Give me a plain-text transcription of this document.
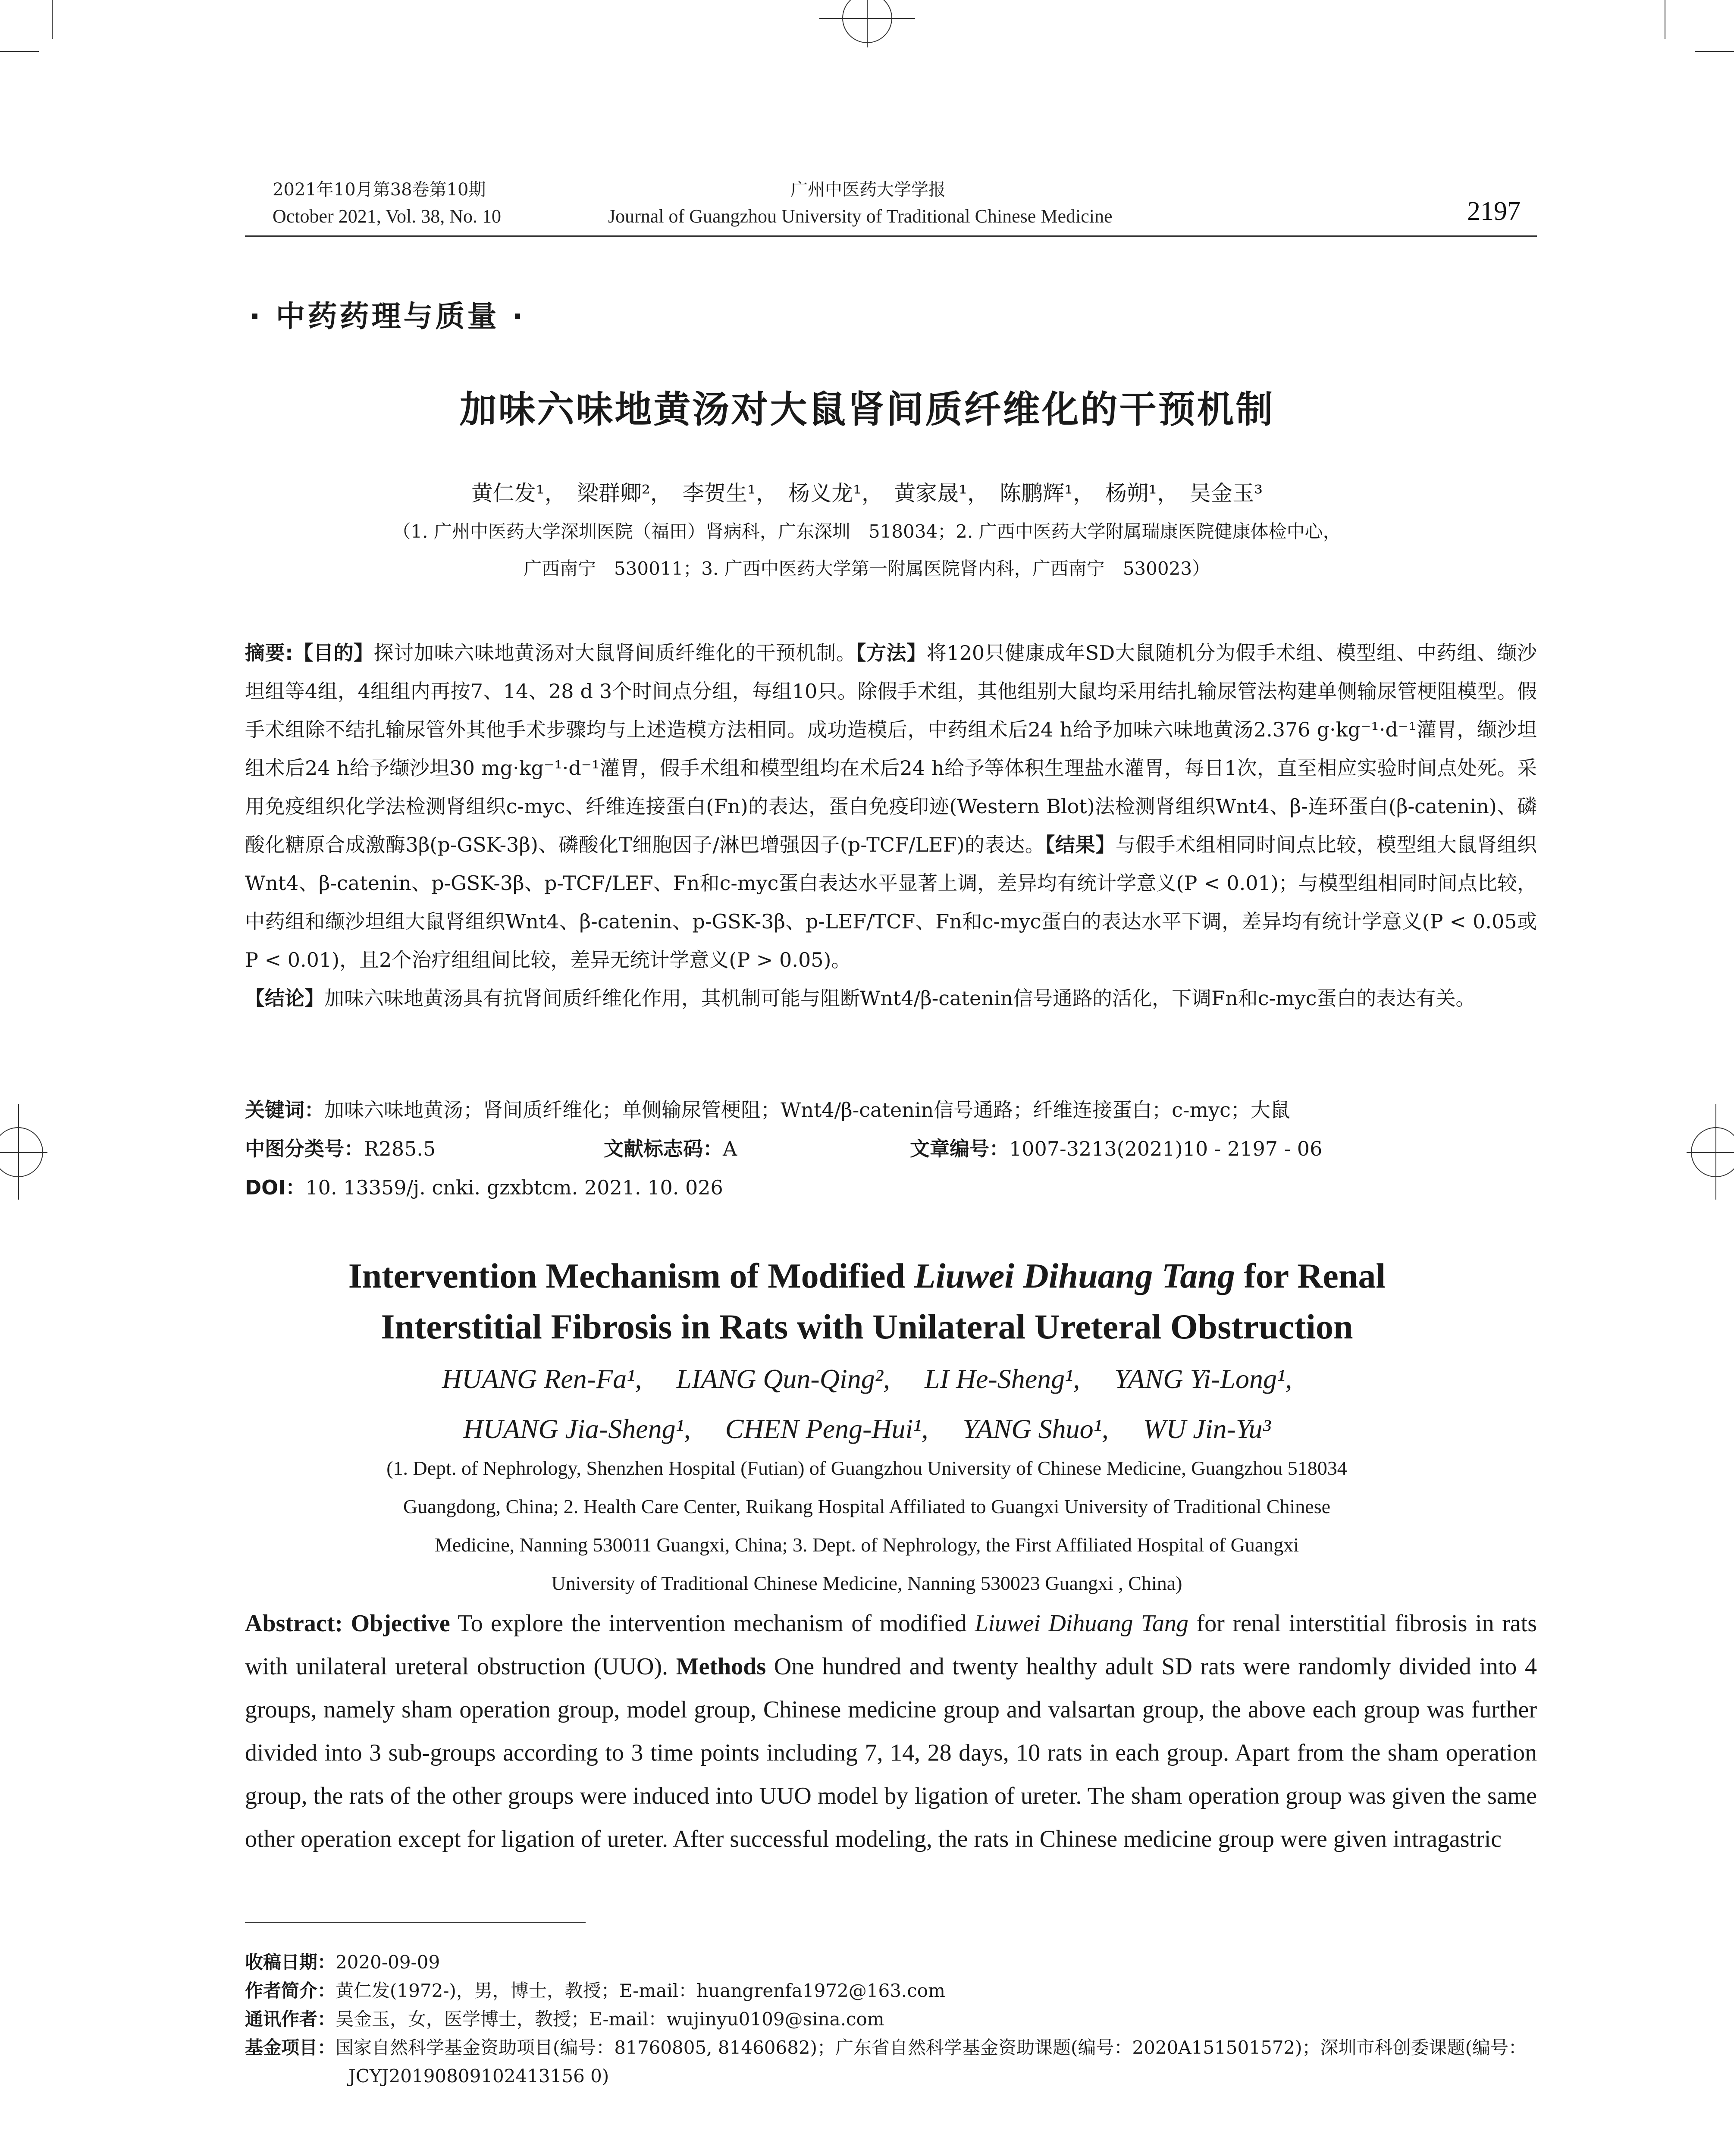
2021年10月第38卷第10期
October 2021, Vol. 38, No. 10
广州中医药大学学报
Journal of Guangzhou University of Traditional Chinese Medicine	2197
· 中药药理与质量 ·
加味六味地黄汤对大鼠肾间质纤维化的干预机制
黄仁发¹，　梁群卿²，　李贺生¹，　杨义龙¹，　黄家晟¹，　陈鹏辉¹，　杨朔¹，　吴金玉³
（1. 广州中医药大学深圳医院（福田）肾病科，广东深圳　518034；2. 广西中医药大学附属瑞康医院健康体检中心，
广西南宁　530011；3. 广西中医药大学第一附属医院肾内科，广西南宁　530023）

摘要:【目的】探讨加味六味地黄汤对大鼠肾间质纤维化的干预机制。【方法】将120只健康成年SD大鼠随机分为假手术组、模型组、中药组、缬沙坦组等4组，4组组内再按7、14、28 d 3个时间点分组，每组10只。除假手术组，其他组别大鼠均采用结扎输尿管法构建单侧输尿管梗阻模型。假手术组除不结扎输尿管外其他手术步骤均与上述造模方法相同。成功造模后，中药组术后24 h给予加味六味地黄汤2.376 g·kg⁻¹·d⁻¹灌胃，缬沙坦组术后24 h给予缬沙坦30 mg·kg⁻¹·d⁻¹灌胃，假手术组和模型组均在术后24 h给予等体积生理盐水灌胃，每日1次，直至相应实验时间点处死。采用免疫组织化学法检测肾组织c-myc、纤维连接蛋白(Fn)的表达，蛋白免疫印迹(Western Blot)法检测肾组织Wnt4、β-连环蛋白(β-catenin)、磷酸化糖原合成激酶3β(p-GSK-3β)、磷酸化T细胞因子/淋巴增强因子(p-TCF/LEF)的表达。【结果】与假手术组相同时间点比较，模型组大鼠肾组织Wnt4、β-catenin、p-GSK-3β、p-TCF/LEF、Fn和c-myc蛋白表达水平显著上调，差异均有统计学意义(P < 0.01)；与模型组相同时间点比较，中药组和缬沙坦组大鼠肾组织Wnt4、β-catenin、p-GSK-3β、p-LEF/TCF、Fn和c-myc蛋白的表达水平下调，差异均有统计学意义(P < 0.05或P < 0.01)，且2个治疗组组间比较，差异无统计学意义(P > 0.05)。

【结论】加味六味地黄汤具有抗肾间质纤维化作用，其机制可能与阻断Wnt4/β-catenin信号通路的活化，下调Fn和c-myc蛋白的表达有关。

关键词：加味六味地黄汤；肾间质纤维化；单侧输尿管梗阻；Wnt4/β-catenin信号通路；纤维连接蛋白；c-myc；大鼠
中图分类号：R285.5	文献标志码：A	文章编号：1007-3213(2021)10 - 2197 - 06
DOI：10. 13359/j. cnki. gzxbtcm. 2021. 10. 026
Intervention Mechanism of Modified Liuwei Dihuang Tang for Renal
Interstitial Fibrosis in Rats with Unilateral Ureteral Obstruction
HUANG Ren-Fa¹,　 LIANG Qun-Qing²,　 LI He-Sheng¹,　 YANG Yi-Long¹,
HUANG Jia-Sheng¹,　 CHEN Peng-Hui¹,　 YANG Shuo¹,　 WU Jin-Yu³
(1. Dept. of Nephrology, Shenzhen Hospital (Futian) of Guangzhou University of Chinese Medicine, Guangzhou 518034
Guangdong, China; 2. Health Care Center, Ruikang Hospital Affiliated to Guangxi University of Traditional Chinese
Medicine, Nanning 530011 Guangxi, China; 3. Dept. of Nephrology, the First Affiliated Hospital of Guangxi
University of Traditional Chinese Medicine, Nanning 530023 Guangxi , China)
Abstract: Objective To explore the intervention mechanism of modified Liuwei Dihuang Tang for renal interstitial fibrosis in rats with unilateral ureteral obstruction (UUO). Methods One hundred and twenty healthy adult SD rats were randomly divided into 4 groups, namely sham operation group, model group, Chinese medicine group and valsartan group, the above each group was further divided into 3 sub-groups according to 3 time points including 7, 14, 28 days, 10 rats in each group. Apart from the sham operation group, the rats of the other groups were induced into UUO model by ligation of ureter. The sham operation group was given the same other operation except for ligation of ureter. After successful modeling, the rats in Chinese medicine group were given intragastric
收稿日期：2020-09-09
作者简介：黄仁发(1972-)，男，博士，教授；E-mail：huangrenfa1972@163.com
通讯作者：吴金玉，女，医学博士，教授；E-mail：wujinyu0109@sina.com
基金项目：国家自然科学基金资助项目(编号：81760805, 81460682)；广东省自然科学基金资助课题(编号：2020A151501572)；深圳市科创委课题(编号：JCYJ20190809102413156 0)
